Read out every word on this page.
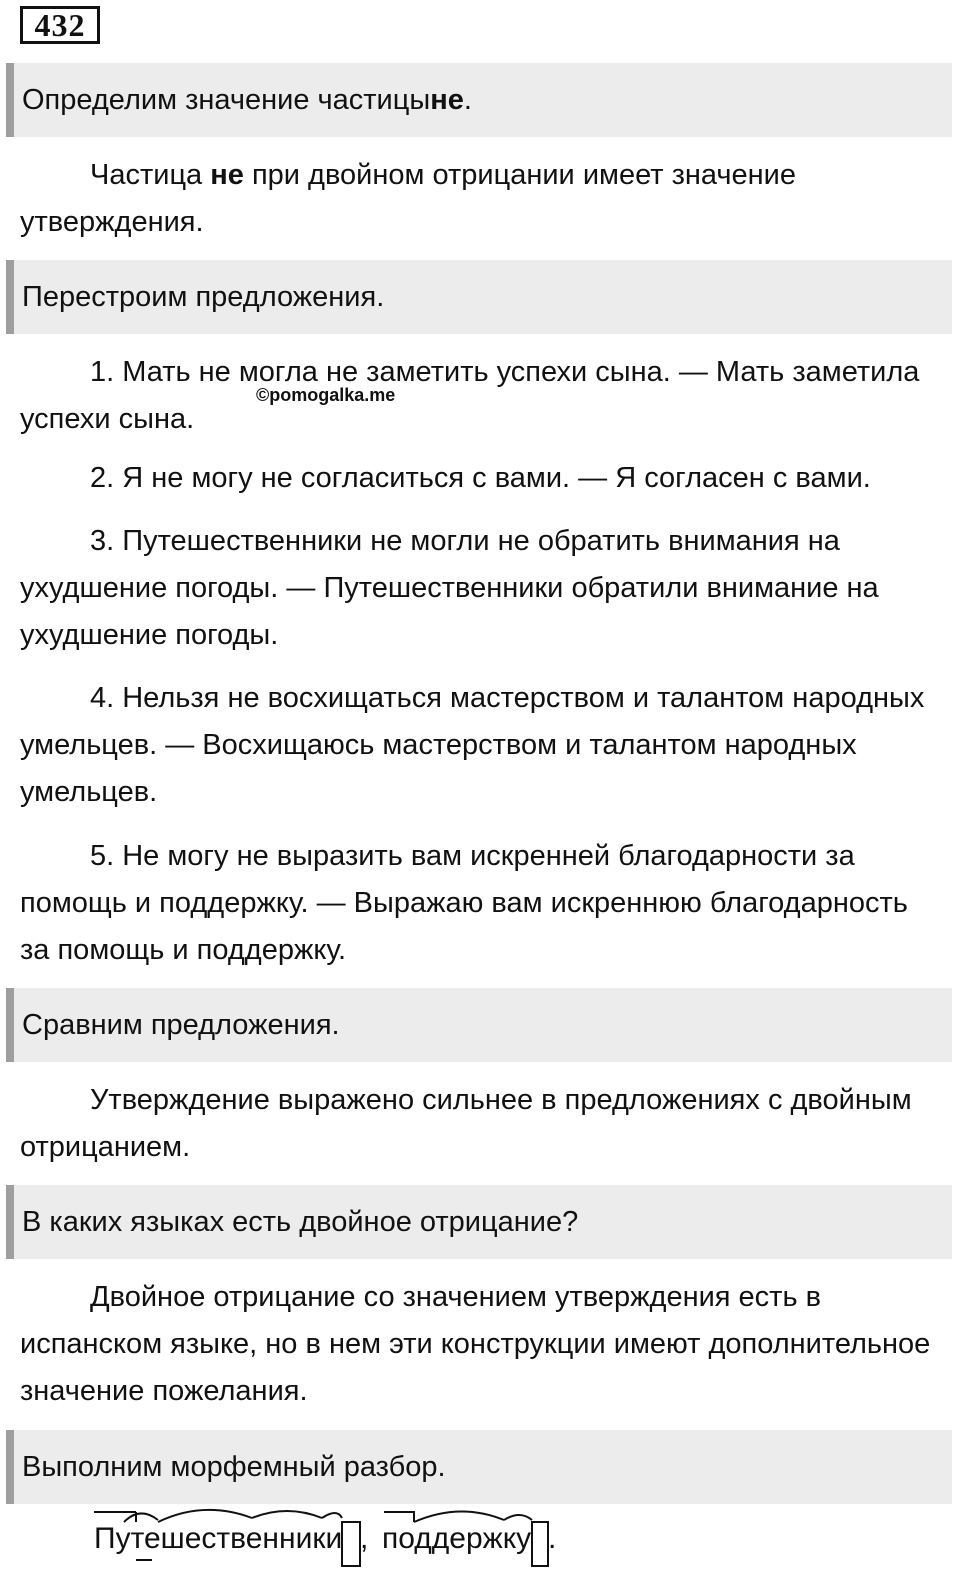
432
Определим значение частицы не .

Частица не при двойном отрицании имеет значение утверждения.

Перестроим предложения.

1. Мать не могла не заметить успехи сына. — Мать заметила успехи сына.

©pomogalka.me

2. Я не могу не согласиться с вами. — Я согласен с вами.

3. Путешественники не могли не обратить внимания на ухудшение погоды. — Путешественники обратили внимание на ухудшение погоды.

4. Нельзя не восхищаться мастерством и талантом народных умельцев. — Восхищаюсь мастерством и талантом народных умельцев.

5. Не могу не выразить вам искренней благодарности за помощь и поддержку. — Выражаю вам искреннюю благодарность за помощь и поддержку.

Сравним предложения.

Утверждение выражено сильнее в предложениях с двойным отрицанием.

В каких языках есть двойное отрицание?

Двойное отрицание со значением утверждения есть в испанском языке, но в нем эти конструкции имеют дополнительное значение пожелания.

Выполним морфемный разбор.
Путешественники , поддержку .
